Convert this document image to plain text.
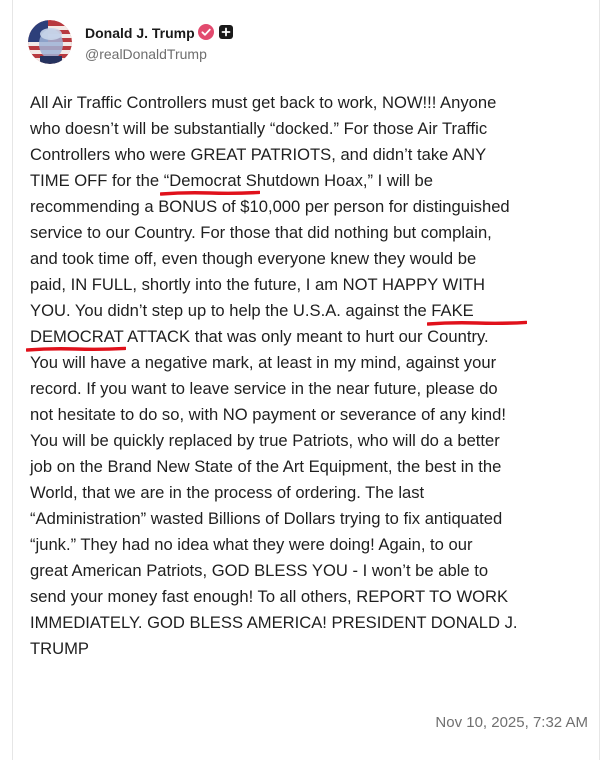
Donald J. Trump
@realDonaldTrump
All Air Traffic Controllers must get back to work, NOW!!! Anyone
who doesn’t will be substantially “docked.” For those Air Traffic
Controllers who were GREAT PATRIOTS, and didn’t take ANY
TIME OFF for the “Democrat Shutdown Hoax,
” I will be
recommending a BONUS of $10,000 per person for distinguished
service to our Country. For those that did nothing but complain,
and took time off, even though everyone knew they would be
paid, IN FULL, shortly into the future, I am NOT HAPPY WITH
YOU. You didn’t step up to help the U.S.A. against the FAKE
DEMOCRAT ATTACK that was
only meant to hurt our Country.
You will have a negative mark, at least in my mind, against your
record. If you want to leave service in the near future, please do
not hesitate to do so, with NO payment or severance of any kind!
You will be quickly replaced by true Patriots, who will do a better
job on the Brand New State of the Art Equipment, the best in the
World, that we are in the process of ordering. The last
“Administration” wasted Billions of Dollars trying to fix antiquated
“junk.” They had no idea what they were doing! Again, to our
great American Patriots, GOD BLESS YOU - I won’t be able to
send your money fast enough! To all others, REPORT TO WORK
IMMEDIATELY. GOD BLESS AMERICA! PRESIDENT DONALD J.
TRUMP
Nov 10, 2025, 7:32 AM
